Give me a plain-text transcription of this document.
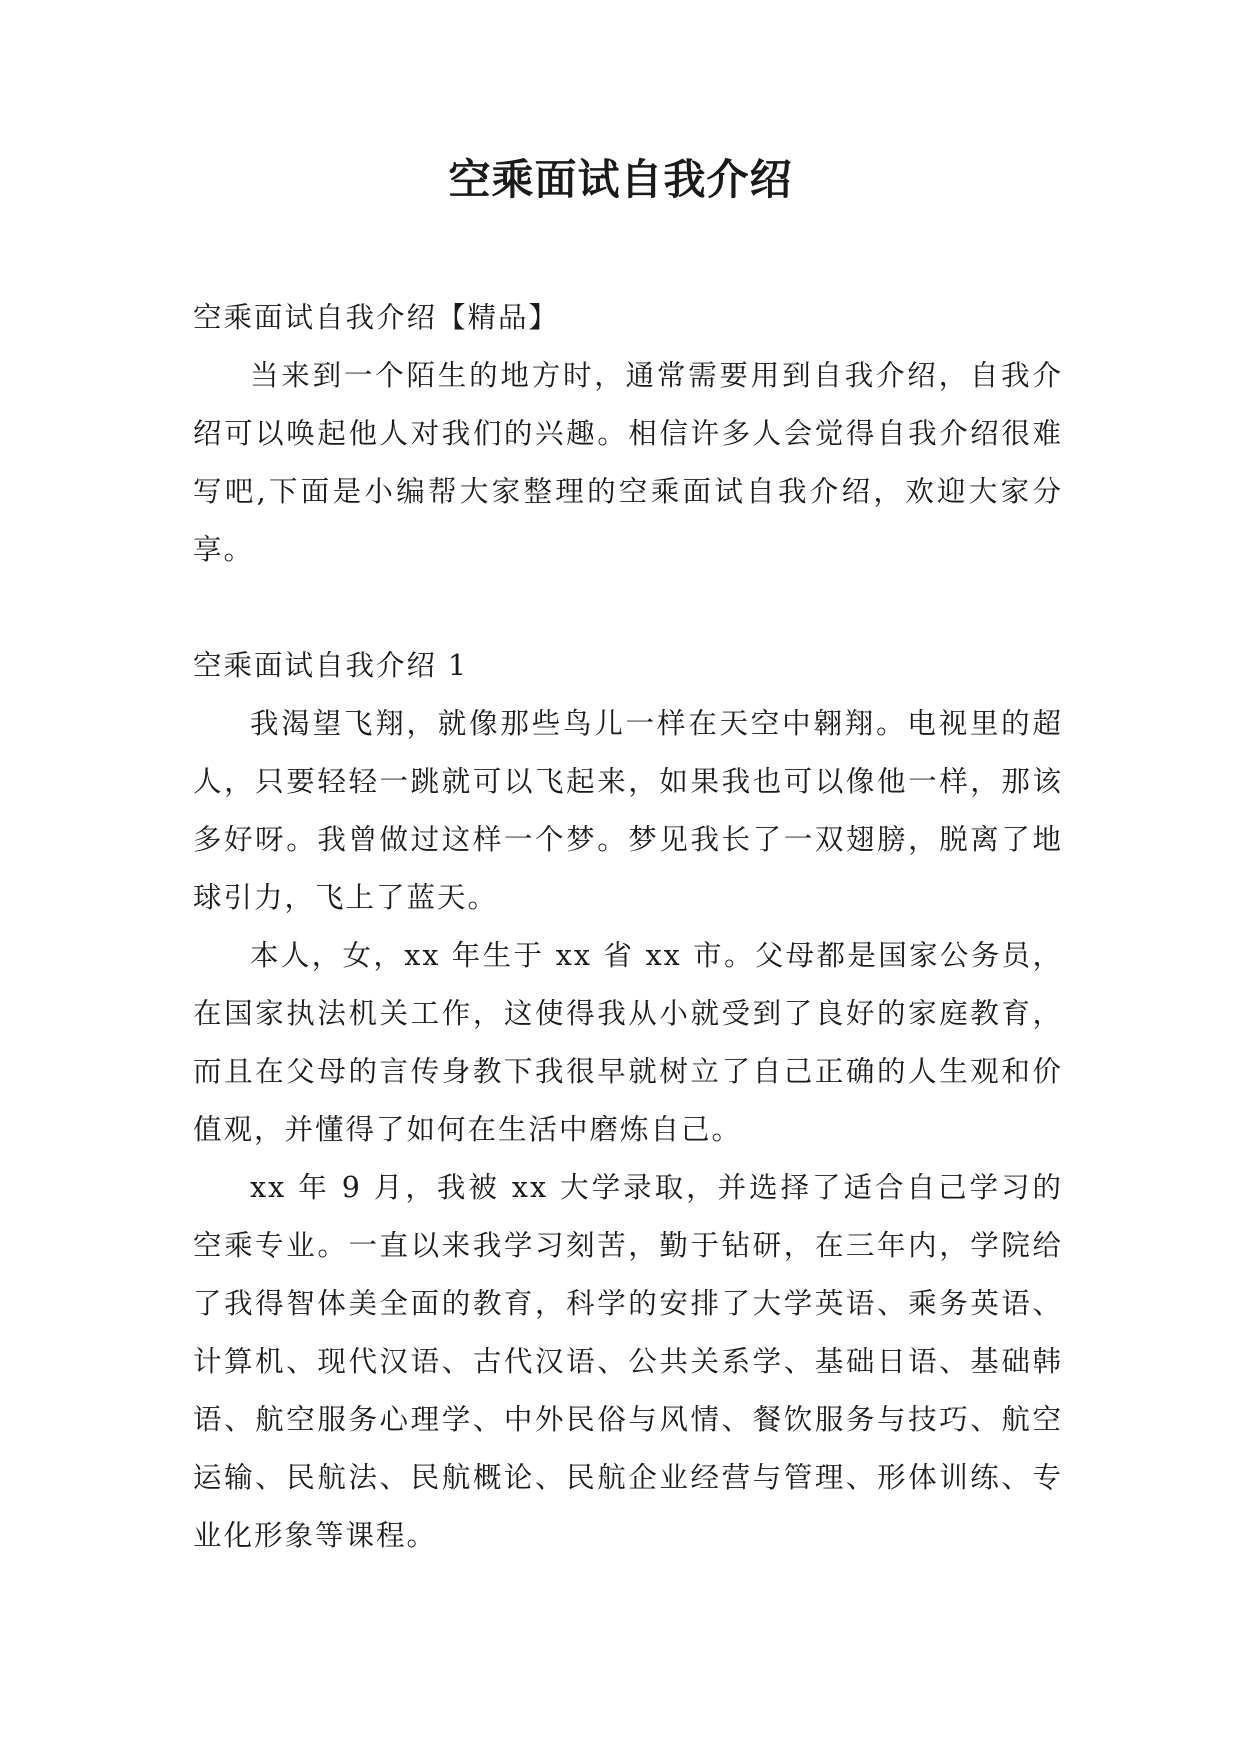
空乘面试自我介绍

空乘面试自我介绍【精品】

当来到一个陌生的地方时，通常需要用到自我介绍，自我介绍可以唤起他人对我们的兴趣。相信许多人会觉得自我介绍很难写吧,下面是小编帮大家整理的空乘面试自我介绍，欢迎大家分享。

空乘面试自我介绍 1

我渴望飞翔，就像那些鸟儿一样在天空中翱翔。电视里的超人，只要轻轻一跳就可以飞起来，如果我也可以像他一样，那该多好呀。我曾做过这样一个梦。梦见我长了一双翅膀，脱离了地球引力，飞上了蓝天。

本人，女，xx 年生于 xx 省 xx 市。父母都是国家公务员，在国家执法机关工作，这使得我从小就受到了良好的家庭教育，而且在父母的言传身教下我很早就树立了自己正确的人生观和价值观，并懂得了如何在生活中磨炼自己。

xx 年 9 月，我被 xx 大学录取，并选择了适合自己学习的空乘专业。一直以来我学习刻苦，勤于钻研，在三年内，学院给了我得智体美全面的教育，科学的安排了大学英语、乘务英语、计算机、现代汉语、古代汉语、公共关系学、基础日语、基础韩语、航空服务心理学、中外民俗与风情、餐饮服务与技巧、航空运输、民航法、民航概论、民航企业经营与管理、形体训练、专业化形象等课程。
